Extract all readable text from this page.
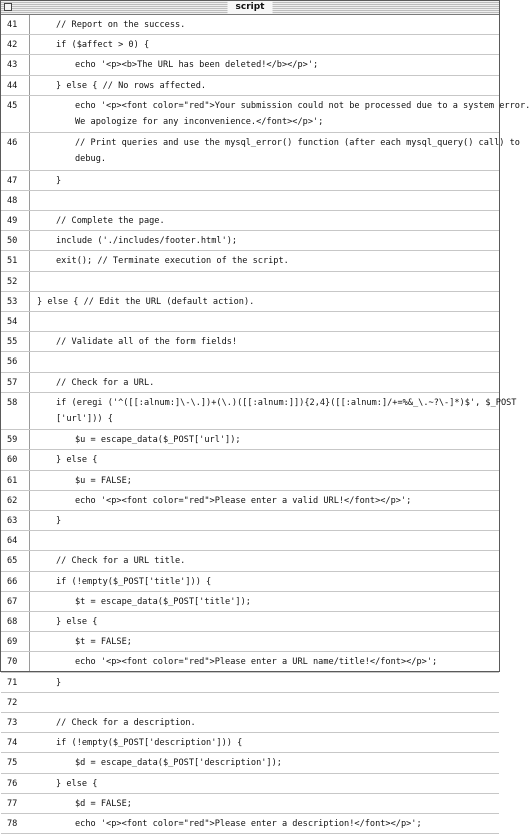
script
41	// Report on the success.
42	if ($affect > 0) {
43	echo '<p><b>The URL has been deleted!</b></p>';
44	} else { // No rows affected.
45	echo '<p><font color="red">Your submission could not be processed due to a system error.
We apologize for any inconvenience.</font></p>';
46	// Print queries and use the mysql_error() function (after each mysql_query() call) to
debug.
47	}
48
49	// Complete the page.
50	include ('./includes/footer.html');
51	exit(); // Terminate execution of the script.
52
53	} else { // Edit the URL (default action).
54
55	// Validate all of the form fields!
56
57	// Check for a URL.
58	if (eregi ('^([[:alnum:]\-\.])+(\.)([[:alnum:]]){2,4}([[:alnum:]/+=%&_\.~?\-]*)$', $_POST
['url'])) {
59	$u = escape_data($_POST['url']);
60	} else {
61	$u = FALSE;
62	echo '<p><font color="red">Please enter a valid URL!</font></p>';
63	}
64
65	// Check for a URL title.
66	if (!empty($_POST['title'])) {
67	$t = escape_data($_POST['title']);
68	} else {
69	$t = FALSE;
70	echo '<p><font color="red">Please enter a URL name/title!</font></p>';
71	}
72
73	// Check for a description.
74	if (!empty($_POST['description'])) {
75	$d = escape_data($_POST['description']);
76	} else {
77	$d = FALSE;
78	echo '<p><font color="red">Please enter a description!</font></p>';
